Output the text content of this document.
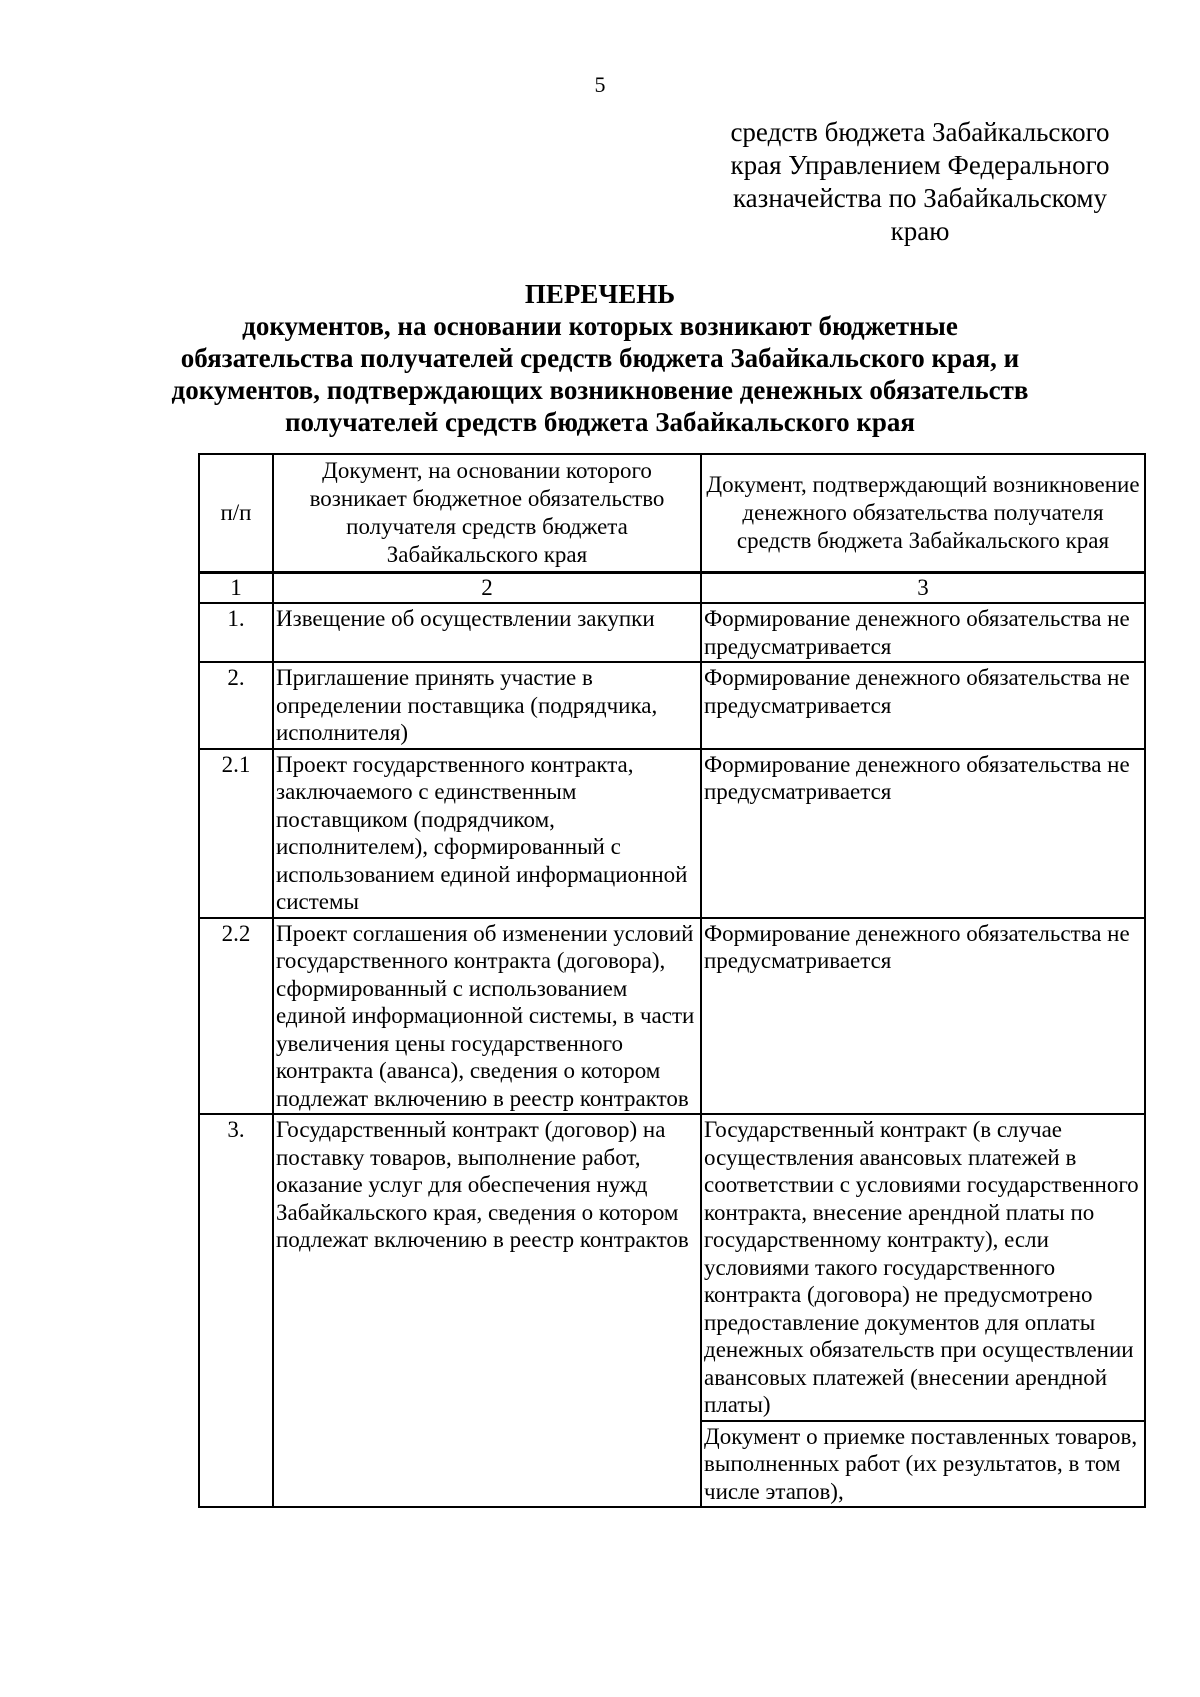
5
средств бюджета Забайкальского
края Управлением Федерального
казначейства по Забайкальскому
краю
ПЕРЕЧЕНЬ
документов, на основании которых возникают бюджетные
обязательства получателей средств бюджета Забайкальского края, и
документов, подтверждающих возникновение денежных обязательств
получателей средств бюджета Забайкальского края
п/п	Документ, на основании которого возникает бюджетное обязательство получателя средств бюджета Забайкальского края	Документ, подтверждающий возникновение денежного обязательства получателя средств бюджета Забайкальского края
1	2	3
1.	Извещение об осуществлении закупки	Формирование денежного обязательства не предусматривается
2.	Приглашение принять участие в определении поставщика (подрядчика, исполнителя)	Формирование денежного обязательства не предусматривается
2.1	Проект государственного контракта, заключаемого с единственным поставщиком (подрядчиком, исполнителем), сформированный с использованием единой информационной системы	Формирование денежного обязательства не предусматривается
2.2	Проект соглашения об изменении условий государственного контракта (договора), сформированный с использованием единой информационной системы, в части увеличения цены государственного контракта (аванса), сведения о котором подлежат включению в реестр контрактов	Формирование денежного обязательства не предусматривается
3.	Государственный контракт (договор) на поставку товаров, выполнение работ, оказание услуг для обеспечения нужд Забайкальского края, сведения о котором подлежат включению в реестр контрактов	Государственный контракт (в случае осуществления авансовых платежей в соответствии с условиями государственного контракта, внесение арендной платы по государственному контракту), если условиями такого государственного контракта (договора) не предусмотрено предоставление документов для оплаты денежных обязательств при осуществлении авансовых платежей (внесении арендной платы)
Документ о приемке поставленных товаров, выполненных работ (их результатов, в том числе этапов),
